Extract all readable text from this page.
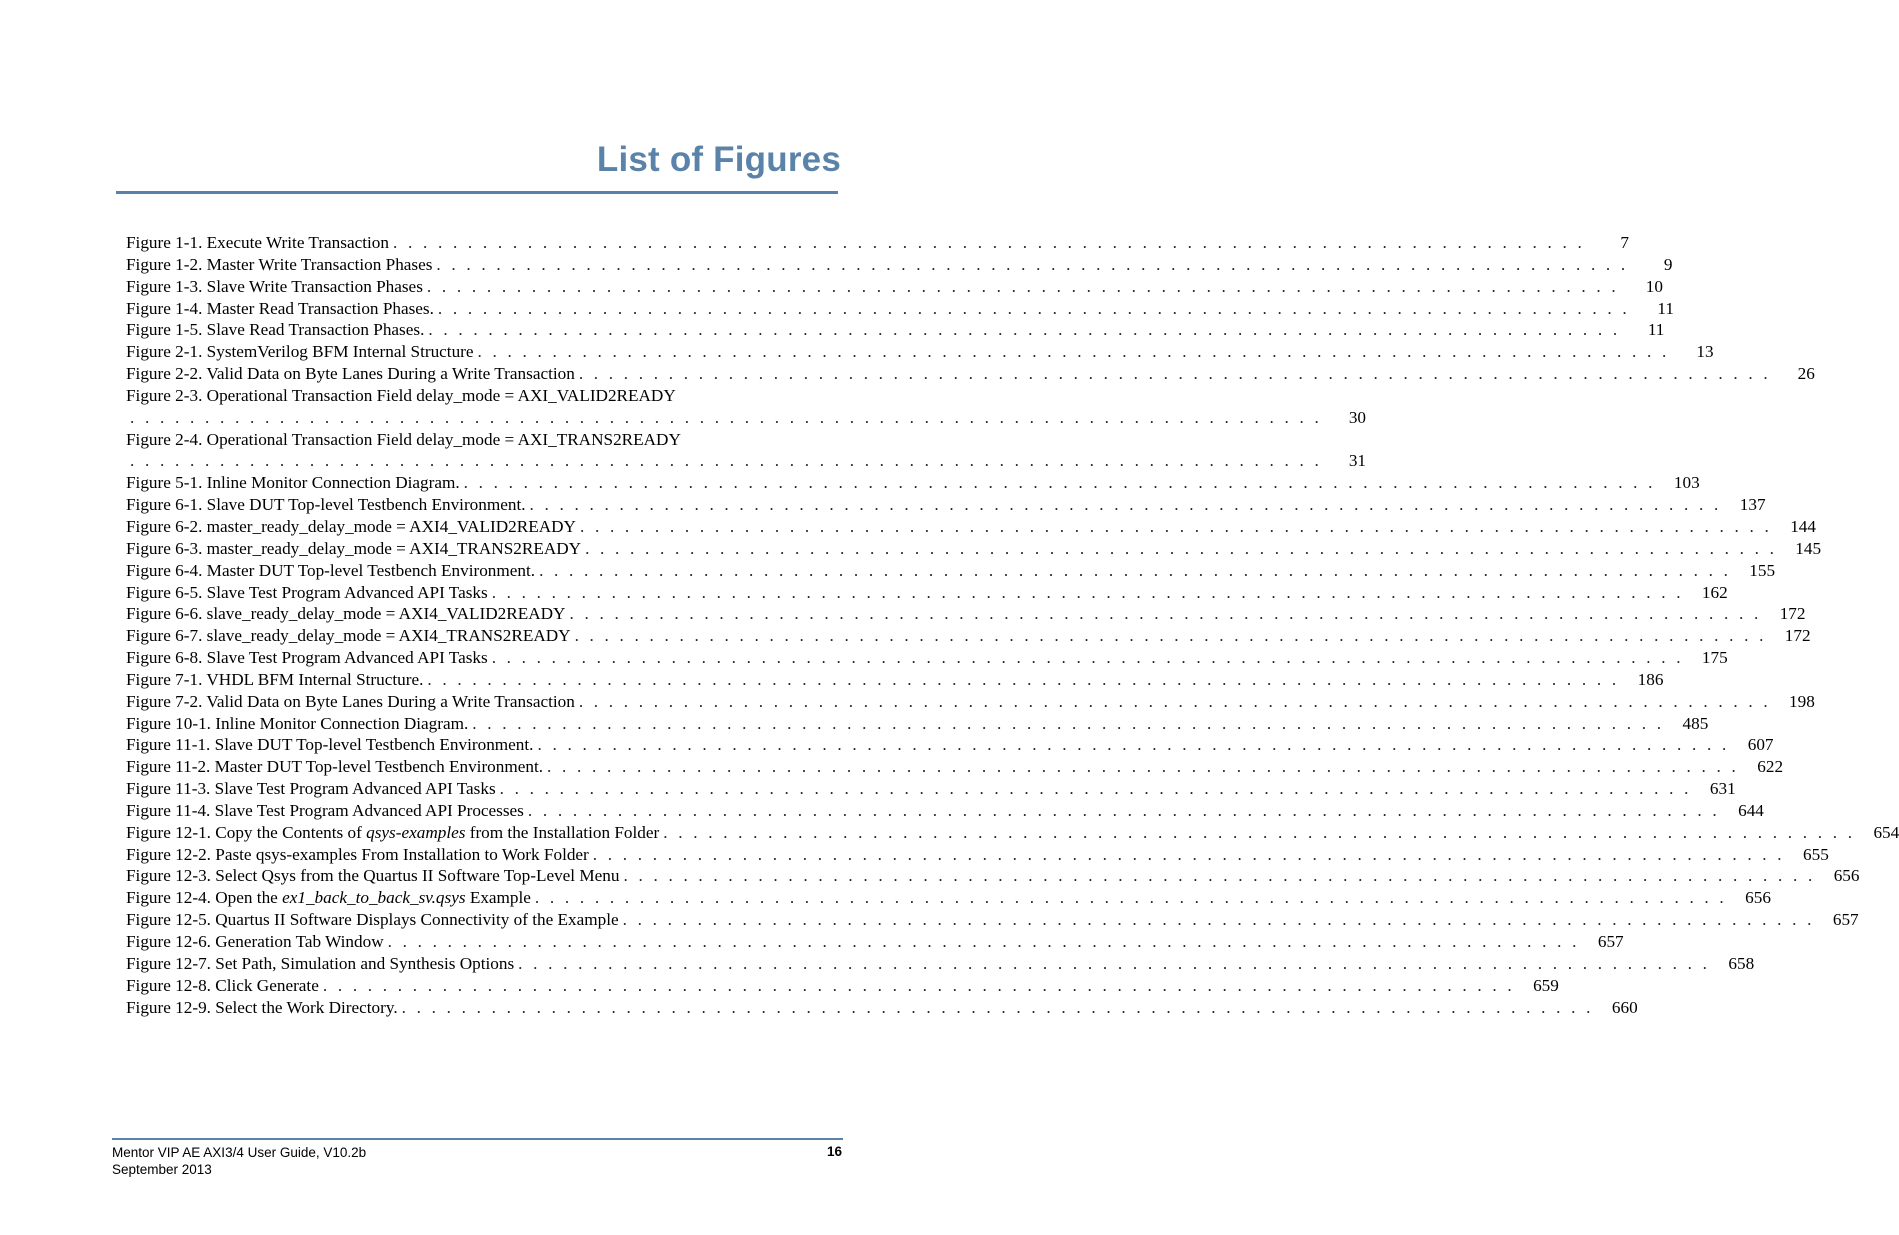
List of Figures
Figure 1-1. Execute Write Transaction . . . . . . . . . . . . . . . . . . . . . . . . . . . . . . . . . . . . . . . . . . . . . . . . . . . . . . . . . . . . . . . . . . . . . . . . . . . . . . . .	7
Figure 1-2. Master Write Transaction Phases . . . . . . . . . . . . . . . . . . . . . . . . . . . . . . . . . . . . . . . . . . . . . . . . . . . . . . . . . . . . . . . . . . . . . . . . . . . . . . . .	9
Figure 1-3. Slave Write Transaction Phases . . . . . . . . . . . . . . . . . . . . . . . . . . . . . . . . . . . . . . . . . . . . . . . . . . . . . . . . . . . . . . . . . . . . . . . . . . . . . . . .	10
Figure 1-4. Master Read Transaction Phases. . . . . . . . . . . . . . . . . . . . . . . . . . . . . . . . . . . . . . . . . . . . . . . . . . . . . . . . . . . . . . . . . . . . . . . . . . . . . . . . .	11
Figure 1-5. Slave Read Transaction Phases. . . . . . . . . . . . . . . . . . . . . . . . . . . . . . . . . . . . . . . . . . . . . . . . . . . . . . . . . . . . . . . . . . . . . . . . . . . . . . . . .	11
Figure 2-1. SystemVerilog BFM Internal Structure . . . . . . . . . . . . . . . . . . . . . . . . . . . . . . . . . . . . . . . . . . . . . . . . . . . . . . . . . . . . . . . . . . . . . . . . . . . . . . . .	13
Figure 2-2. Valid Data on Byte Lanes During a Write Transaction . . . . . . . . . . . . . . . . . . . . . . . . . . . . . . . . . . . . . . . . . . . . . . . . . . . . . . . . . . . . . . . . . . . . . . . . . . . . . . . .	26
Figure 2-3. Operational Transaction Field delay_mode = AXI_VALID2READY
. . . . . . . . . . . . . . . . . . . . . . . . . . . . . . . . . . . . . . . . . . . . . . . . . . . . . . . . . . . . . . . . . . . . . . . . . . . . . . . .	30
Figure 2-4. Operational Transaction Field delay_mode = AXI_TRANS2READY
. . . . . . . . . . . . . . . . . . . . . . . . . . . . . . . . . . . . . . . . . . . . . . . . . . . . . . . . . . . . . . . . . . . . . . . . . . . . . . . .	31
Figure 5-1. Inline Monitor Connection Diagram. . . . . . . . . . . . . . . . . . . . . . . . . . . . . . . . . . . . . . . . . . . . . . . . . . . . . . . . . . . . . . . . . . . . . . . . . . . . . . . . .	103
Figure 6-1. Slave DUT Top-level Testbench Environment. . . . . . . . . . . . . . . . . . . . . . . . . . . . . . . . . . . . . . . . . . . . . . . . . . . . . . . . . . . . . . . . . . . . . . . . . . . . . . . . .	137
Figure 6-2. master_ready_delay_mode = AXI4_VALID2READY . . . . . . . . . . . . . . . . . . . . . . . . . . . . . . . . . . . . . . . . . . . . . . . . . . . . . . . . . . . . . . . . . . . . . . . . . . . . . . . .	144
Figure 6-3. master_ready_delay_mode = AXI4_TRANS2READY . . . . . . . . . . . . . . . . . . . . . . . . . . . . . . . . . . . . . . . . . . . . . . . . . . . . . . . . . . . . . . . . . . . . . . . . . . . . . . . .	145
Figure 6-4. Master DUT Top-level Testbench Environment. . . . . . . . . . . . . . . . . . . . . . . . . . . . . . . . . . . . . . . . . . . . . . . . . . . . . . . . . . . . . . . . . . . . . . . . . . . . . . . . .	155
Figure 6-5. Slave Test Program Advanced API Tasks . . . . . . . . . . . . . . . . . . . . . . . . . . . . . . . . . . . . . . . . . . . . . . . . . . . . . . . . . . . . . . . . . . . . . . . . . . . . . . . .	162
Figure 6-6. slave_ready_delay_mode = AXI4_VALID2READY . . . . . . . . . . . . . . . . . . . . . . . . . . . . . . . . . . . . . . . . . . . . . . . . . . . . . . . . . . . . . . . . . . . . . . . . . . . . . . . .	172
Figure 6-7. slave_ready_delay_mode = AXI4_TRANS2READY . . . . . . . . . . . . . . . . . . . . . . . . . . . . . . . . . . . . . . . . . . . . . . . . . . . . . . . . . . . . . . . . . . . . . . . . . . . . . . . .	172
Figure 6-8. Slave Test Program Advanced API Tasks . . . . . . . . . . . . . . . . . . . . . . . . . . . . . . . . . . . . . . . . . . . . . . . . . . . . . . . . . . . . . . . . . . . . . . . . . . . . . . . .	175
Figure 7-1. VHDL BFM Internal Structure. . . . . . . . . . . . . . . . . . . . . . . . . . . . . . . . . . . . . . . . . . . . . . . . . . . . . . . . . . . . . . . . . . . . . . . . . . . . . . . . .	186
Figure 7-2. Valid Data on Byte Lanes During a Write Transaction . . . . . . . . . . . . . . . . . . . . . . . . . . . . . . . . . . . . . . . . . . . . . . . . . . . . . . . . . . . . . . . . . . . . . . . . . . . . . . . .	198
Figure 10-1. Inline Monitor Connection Diagram. . . . . . . . . . . . . . . . . . . . . . . . . . . . . . . . . . . . . . . . . . . . . . . . . . . . . . . . . . . . . . . . . . . . . . . . . . . . . . . . .	485
Figure 11-1. Slave DUT Top-level Testbench Environment. . . . . . . . . . . . . . . . . . . . . . . . . . . . . . . . . . . . . . . . . . . . . . . . . . . . . . . . . . . . . . . . . . . . . . . . . . . . . . . . .	607
Figure 11-2. Master DUT Top-level Testbench Environment. . . . . . . . . . . . . . . . . . . . . . . . . . . . . . . . . . . . . . . . . . . . . . . . . . . . . . . . . . . . . . . . . . . . . . . . . . . . . . . . .	622
Figure 11-3. Slave Test Program Advanced API Tasks . . . . . . . . . . . . . . . . . . . . . . . . . . . . . . . . . . . . . . . . . . . . . . . . . . . . . . . . . . . . . . . . . . . . . . . . . . . . . . . .	631
Figure 11-4. Slave Test Program Advanced API Processes . . . . . . . . . . . . . . . . . . . . . . . . . . . . . . . . . . . . . . . . . . . . . . . . . . . . . . . . . . . . . . . . . . . . . . . . . . . . . . . .	644
Figure 12-1. Copy the Contents of qsys-examples from the Installation Folder . . . . . . . . . . . . . . . . . . . . . . . . . . . . . . . . . . . . . . . . . . . . . . . . . . . . . . . . . . . . . . . . . . . . . . . . . . . . . . . .	654
Figure 12-2. Paste qsys-examples From Installation to Work Folder . . . . . . . . . . . . . . . . . . . . . . . . . . . . . . . . . . . . . . . . . . . . . . . . . . . . . . . . . . . . . . . . . . . . . . . . . . . . . . . .	655
Figure 12-3. Select Qsys from the Quartus II Software Top-Level Menu . . . . . . . . . . . . . . . . . . . . . . . . . . . . . . . . . . . . . . . . . . . . . . . . . . . . . . . . . . . . . . . . . . . . . . . . . . . . . . . .	656
Figure 12-4. Open the ex1_back_to_back_sv.qsys Example . . . . . . . . . . . . . . . . . . . . . . . . . . . . . . . . . . . . . . . . . . . . . . . . . . . . . . . . . . . . . . . . . . . . . . . . . . . . . . . .	656
Figure 12-5. Quartus II Software Displays Connectivity of the Example . . . . . . . . . . . . . . . . . . . . . . . . . . . . . . . . . . . . . . . . . . . . . . . . . . . . . . . . . . . . . . . . . . . . . . . . . . . . . . . .	657
Figure 12-6. Generation Tab Window . . . . . . . . . . . . . . . . . . . . . . . . . . . . . . . . . . . . . . . . . . . . . . . . . . . . . . . . . . . . . . . . . . . . . . . . . . . . . . . .	657
Figure 12-7. Set Path, Simulation and Synthesis Options . . . . . . . . . . . . . . . . . . . . . . . . . . . . . . . . . . . . . . . . . . . . . . . . . . . . . . . . . . . . . . . . . . . . . . . . . . . . . . . .	658
Figure 12-8. Click Generate . . . . . . . . . . . . . . . . . . . . . . . . . . . . . . . . . . . . . . . . . . . . . . . . . . . . . . . . . . . . . . . . . . . . . . . . . . . . . . . .	659
Figure 12-9. Select the Work Directory. . . . . . . . . . . . . . . . . . . . . . . . . . . . . . . . . . . . . . . . . . . . . . . . . . . . . . . . . . . . . . . . . . . . . . . . . . . . . . . . .	660
Mentor VIP AE AXI3/4 User Guide, V10.2b
September 2013
16
